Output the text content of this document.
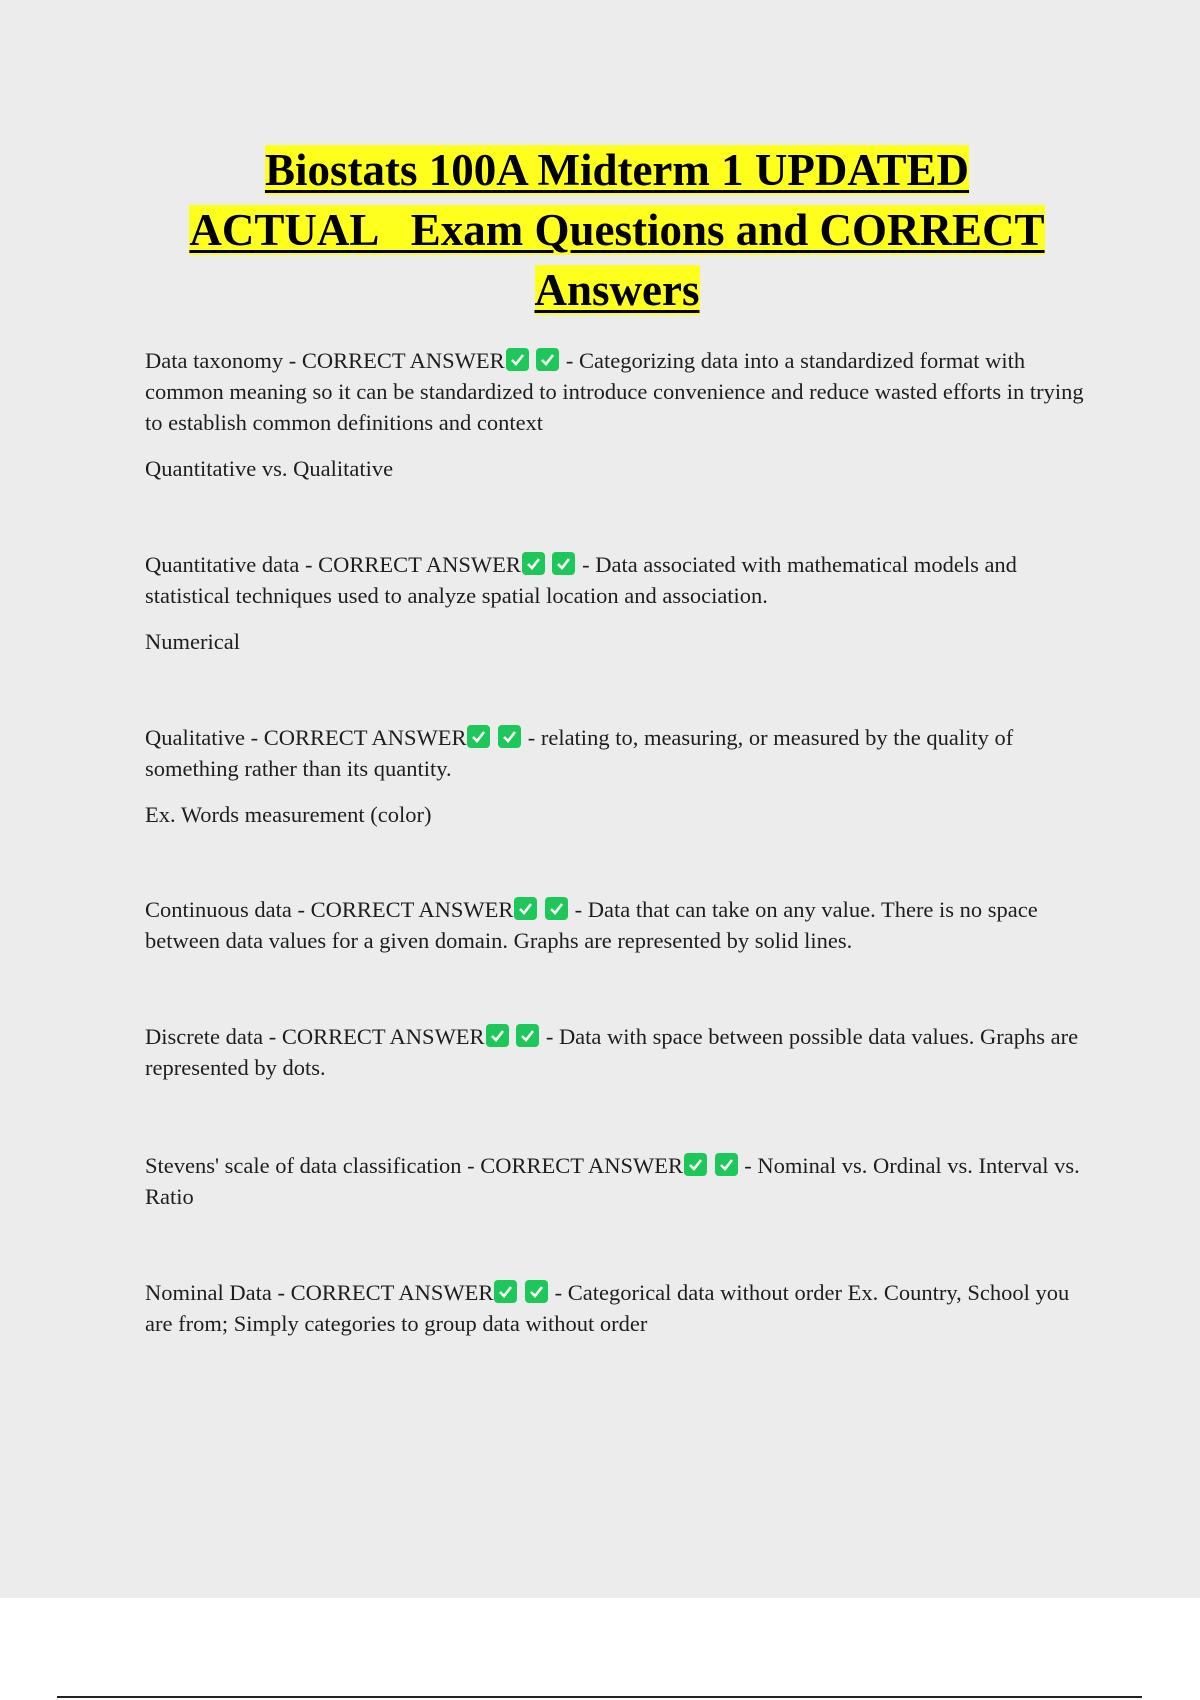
Biostats 100A Midterm 1 UPDATED
ACTUAL   Exam Questions and CORRECT
Answers
Data taxonomy - CORRECT ANSWER

- Categorizing data into a standardized format with common meaning so it can be standardized to introduce convenience and reduce wasted efforts in trying to establish common definitions and context
Quantitative vs. Qualitative
Quantitative data - CORRECT ANSWER

- Data associated with mathematical models and statistical techniques used to analyze spatial location and association.
Numerical
Qualitative - CORRECT ANSWER

- relating to, measuring, or measured by the quality of something rather than its quantity.
Ex. Words measurement (color)
Continuous data - CORRECT ANSWER

- Data that can take on any value. There is no space between data values for a given domain. Graphs are represented by solid lines.
Discrete data - CORRECT ANSWER

- Data with space between possible data values. Graphs are represented by dots.
Stevens' scale of data classification - CORRECT ANSWER

- Nominal vs. Ordinal vs. Interval vs. Ratio
Nominal Data - CORRECT ANSWER

- Categorical data without order Ex. Country, School you are from; Simply categories to group data without order
